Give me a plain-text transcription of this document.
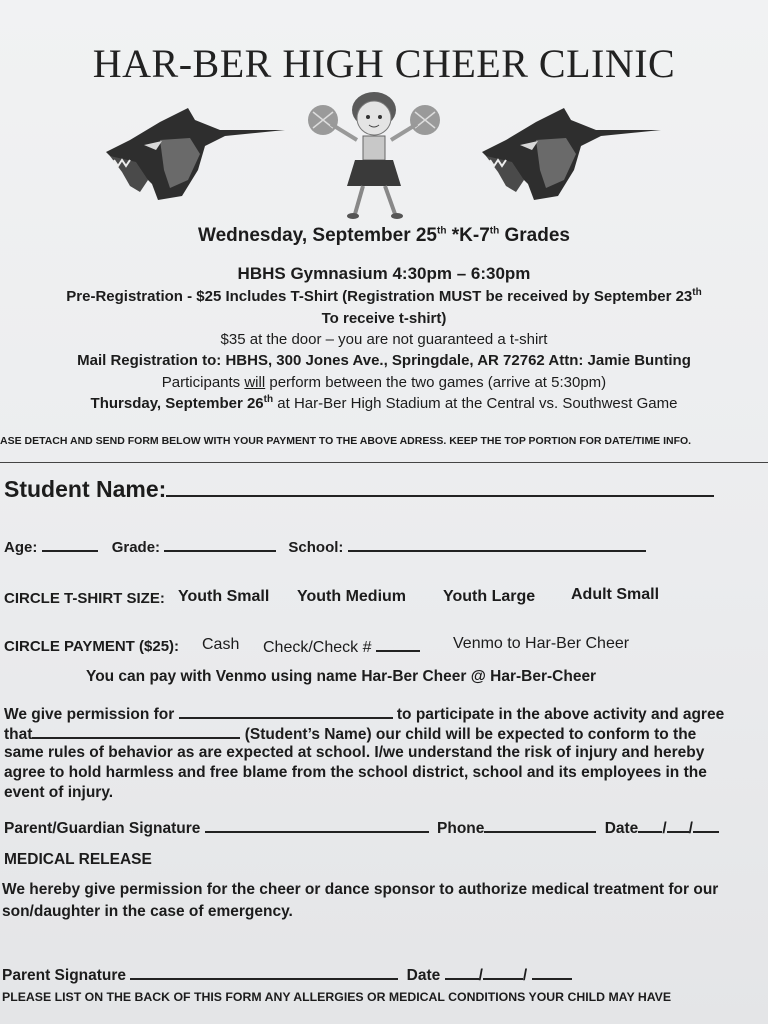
HAR-BER HIGH CHEER CLINIC
Wednesday, September 25th *K-7th Grades
HBHS Gymnasium 4:30pm – 6:30pm
Pre-Registration - $25 Includes T-Shirt (Registration MUST be received by September 23th
To receive t-shirt)
$35 at the door – you are not guaranteed a t-shirt
Mail Registration to: HBHS, 300 Jones Ave., Springdale, AR 72762 Attn: Jamie Bunting
Participants will perform between the two games (arrive at 5:30pm)
Thursday, September 26th at Har-Ber High Stadium at the Central vs. Southwest Game
ASE DETACH AND SEND FORM BELOW WITH YOUR PAYMENT TO THE ABOVE ADRESS. KEEP THE TOP PORTION FOR DATE/TIME INFO.
Student Name:
Age:	Grade:	School:
CIRCLE T-SHIRT SIZE: Youth Small Youth Medium Youth Large Adult Small
CIRCLE PAYMENT ($25): Cash Check/Check #	Venmo to Har-Ber Cheer
You can pay with Venmo using name Har-Ber Cheer @ Har-Ber-Cheer
We give permission for	to participate in the above activity and agree
that	(Student’s Name) our child will be expected to conform to the
same rules of behavior as are expected at school. I/we understand the risk of injury and hereby
agree to hold harmless and free blame from the school district, school and its employees in the
event of injury.
Parent/Guardian Signature	Phone	Date / /
MEDICAL RELEASE
We hereby give permission for the cheer or dance sponsor to authorize medical treatment for our
son/daughter in the case of emergency.
Parent Signature	Date /	/
PLEASE LIST ON THE BACK OF THIS FORM ANY ALLERGIES OR MEDICAL CONDITIONS YOUR CHILD MAY HAVE
